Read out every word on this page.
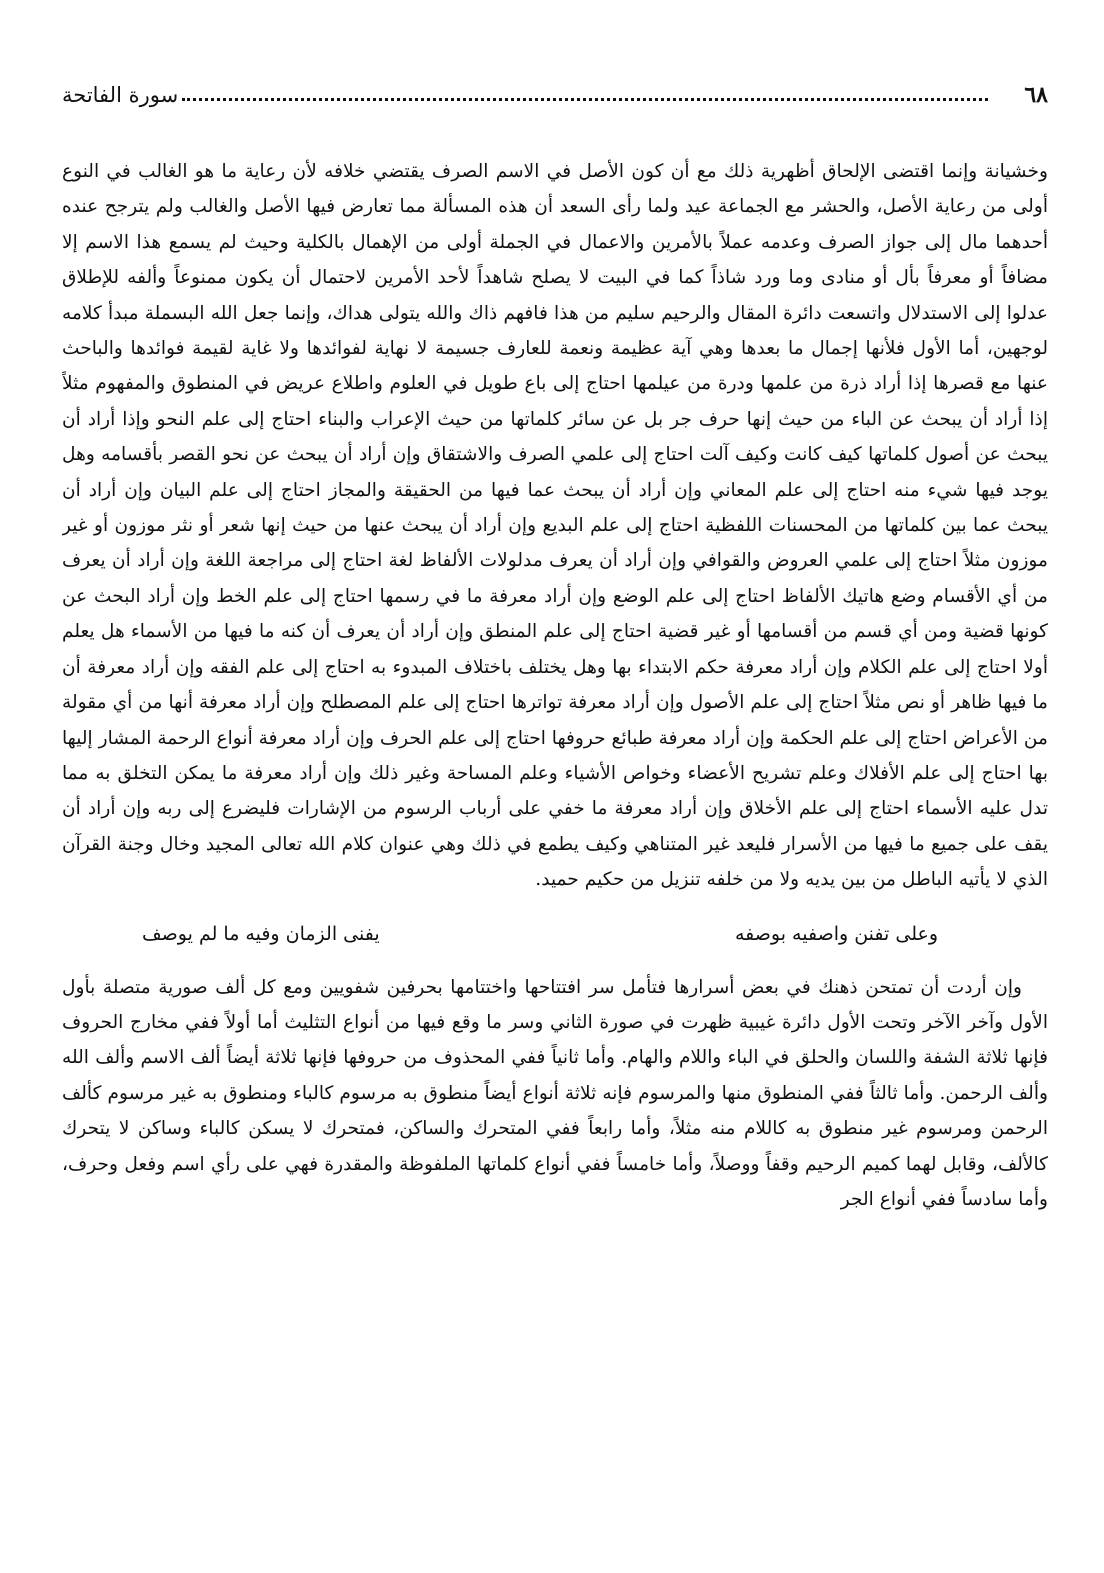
٦٨
سورة الفاتحة

وخشيانة وإنما اقتضى الإلحاق أظهرية ذلك مع أن كون الأصل في الاسم الصرف يقتضي خلافه لأن رعاية ما هو الغالب في النوع أولى من رعاية الأصل، والحشر مع الجماعة عيد ولما رأى السعد أن هذه المسألة مما تعارض فيها الأصل والغالب ولم يترجح عنده أحدهما مال إلى جواز الصرف وعدمه عملاً بالأمرين والاعمال في الجملة أولى من الإهمال بالكلية وحيث لم يسمع هذا الاسم إلا مضافاً أو معرفاً بأل أو منادى وما ورد شاذاً كما في البيت لا يصلح شاهداً لأحد الأمرين لاحتمال أن يكون ممنوعاً وألفه للإطلاق عدلوا إلى الاستدلال واتسعت دائرة المقال والرحيم سليم من هذا فافهم ذاك والله يتولى هداك، وإنما جعل الله البسملة مبدأ كلامه لوجهين، أما الأول فلأنها إجمال ما بعدها وهي آية عظيمة ونعمة للعارف جسيمة لا نهاية لفوائدها ولا غاية لقيمة فوائدها والباحث عنها مع قصرها إذا أراد ذرة من علمها ودرة من عيلمها احتاج إلى باع طويل في العلوم واطلاع عريض في المنطوق والمفهوم مثلاً إذا أراد أن يبحث عن الباء من حيث إنها حرف جر بل عن سائر كلماتها من حيث الإعراب والبناء احتاج إلى علم النحو وإذا أراد أن يبحث عن أصول كلماتها كيف كانت وكيف آلت احتاج إلى علمي الصرف والاشتقاق وإن أراد أن يبحث عن نحو القصر بأقسامه وهل يوجد فيها شيء منه احتاج إلى علم المعاني وإن أراد أن يبحث عما فيها من الحقيقة والمجاز احتاج إلى علم البيان وإن أراد أن يبحث عما بين كلماتها من المحسنات اللفظية احتاج إلى علم البديع وإن أراد أن يبحث عنها من حيث إنها شعر أو نثر موزون أو غير موزون مثلاً احتاج إلى علمي العروض والقوافي وإن أراد أن يعرف مدلولات الألفاظ لغة احتاج إلى مراجعة اللغة وإن أراد أن يعرف من أي الأقسام وضع هاتيك الألفاظ احتاج إلى علم الوضع وإن أراد معرفة ما في رسمها احتاج إلى علم الخط وإن أراد البحث عن كونها قضية ومن أي قسم من أقسامها أو غير قضية احتاج إلى علم المنطق وإن أراد أن يعرف أن كنه ما فيها من الأسماء هل يعلم أولا احتاج إلى علم الكلام وإن أراد معرفة حكم الابتداء بها وهل يختلف باختلاف المبدوء به احتاج إلى علم الفقه وإن أراد معرفة أن ما فيها ظاهر أو نص مثلاً احتاج إلى علم الأصول وإن أراد معرفة تواترها احتاج إلى علم المصطلح وإن أراد معرفة أنها من أي مقولة من الأعراض احتاج إلى علم الحكمة وإن أراد معرفة طبائع حروفها احتاج إلى علم الحرف وإن أراد معرفة أنواع الرحمة المشار إليها بها احتاج إلى علم الأفلاك وعلم تشريح الأعضاء وخواص الأشياء وعلم المساحة وغير ذلك وإن أراد معرفة ما يمكن التخلق به مما تدل عليه الأسماء احتاج إلى علم الأخلاق وإن أراد معرفة ما خفي على أرباب الرسوم من الإشارات فليضرع إلى ربه وإن أراد أن يقف على جميع ما فيها من الأسرار فليعد غير المتناهي وكيف يطمع في ذلك وهي عنوان كلام الله تعالى المجيد وخال وجنة القرآن الذي لا يأتيه الباطل من بين يديه ولا من خلفه تنزيل من حكيم حميد.

وعلى تفنن واصفيه بوصفه
يفنى الزمان وفيه ما لم يوصف

وإن أردت أن تمتحن ذهنك في بعض أسرارها فتأمل سر افتتاحها واختتامها بحرفين شفويين ومع كل ألف صورية متصلة بأول الأول وآخر الآخر وتحت الأول دائرة غيبية ظهرت في صورة الثاني وسر ما وقع فيها من أنواع التثليث أما أولاً ففي مخارج الحروف فإنها ثلاثة الشفة واللسان والحلق في الباء واللام والهام. وأما ثانياً ففي المحذوف من حروفها فإنها ثلاثة أيضاً ألف الاسم وألف الله وألف الرحمن. وأما ثالثاً ففي المنطوق منها والمرسوم فإنه ثلاثة أنواع أيضاً منطوق به مرسوم كالباء ومنطوق به غير مرسوم كألف الرحمن ومرسوم غير منطوق به كاللام منه مثلاً، وأما رابعاً ففي المتحرك والساكن، فمتحرك لا يسكن كالباء وساكن لا يتحرك كالألف، وقابل لهما كميم الرحيم وقفاً ووصلاً، وأما خامساً ففي أنواع كلماتها الملفوظة والمقدرة فهي على رأي اسم وفعل وحرف، وأما سادساً ففي أنواع الجر
